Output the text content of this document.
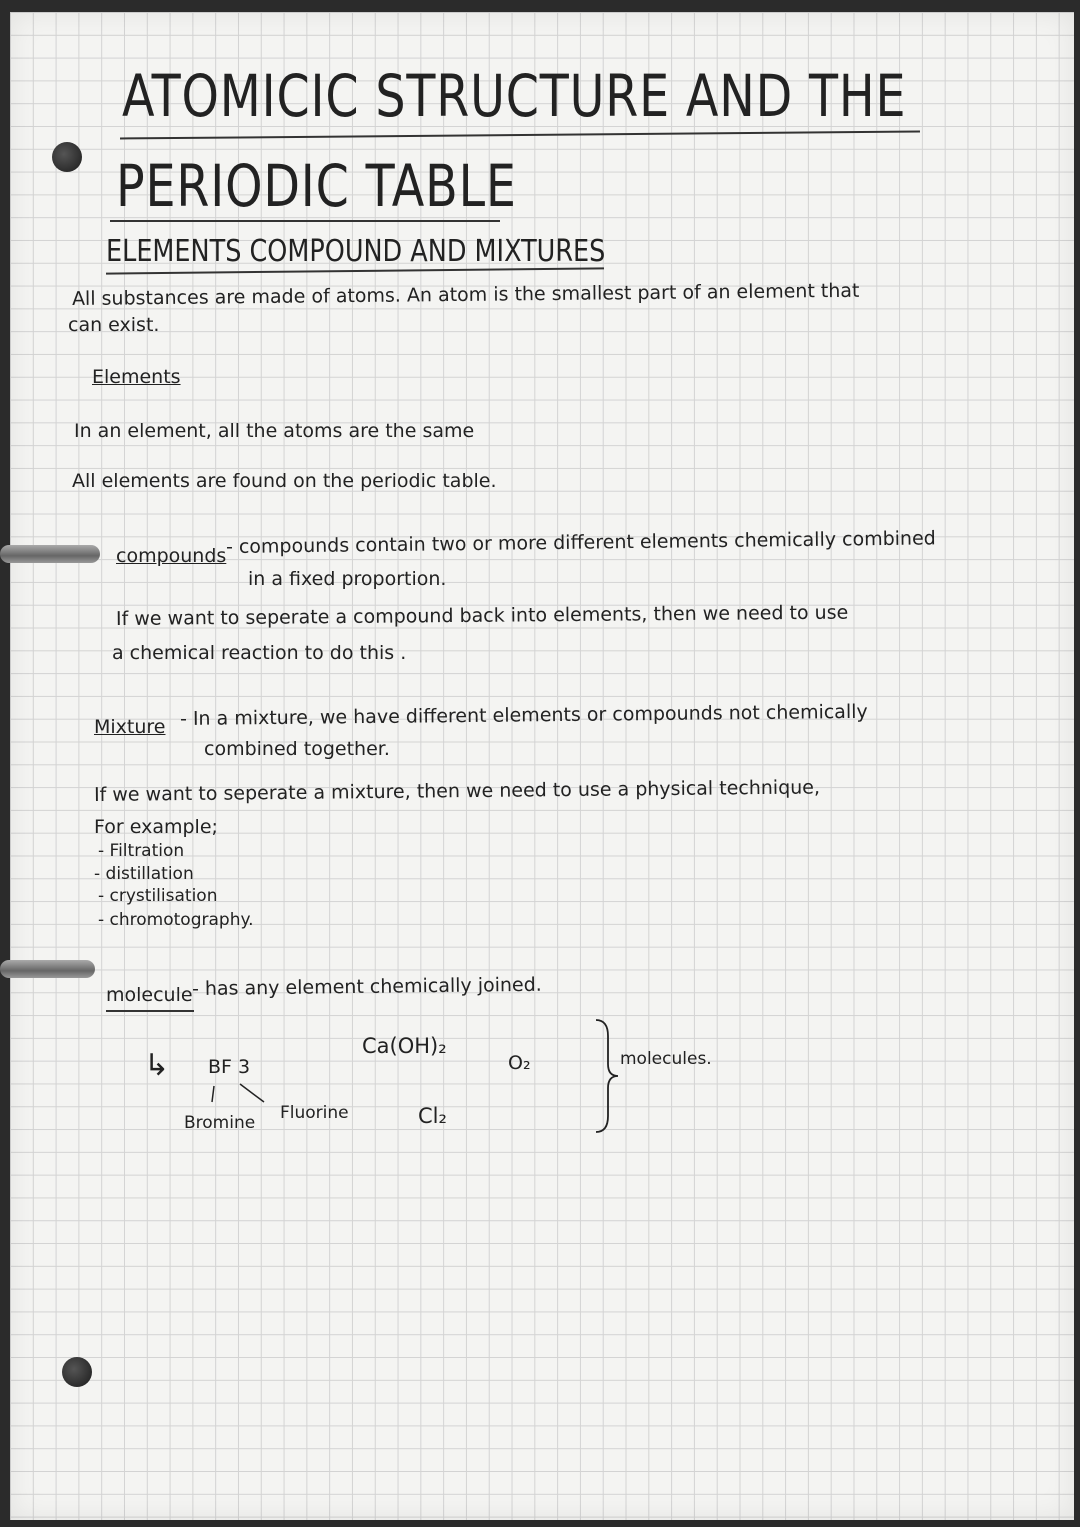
ATOMICIC STRUCTURE AND THE
PERIODIC TABLE
ELEMENTS COMPOUND AND MIXTURES
All substances are made of atoms. An atom is the smallest part of an element that
can exist.
Elements
In an element, all the atoms are the same
All elements are found on the periodic table.
compounds - compounds contain two or more different elements chemically combined
in a fixed proportion.
If we want to seperate a compound back into elements, then we need to use
a chemical reaction to do this .
Mixture - In a mixture, we have different elements or compounds not chemically
combined together.
If we want to seperate a mixture, then we need to use a physical technique,
For example;
- Filtration
- distillation
- crystilisation
- chromotography.
molecule - has any element chemically joined.
↳ BF 3
Bromine Fluorine
Ca(OH)₂
Cl₂
O₂	molecules.
